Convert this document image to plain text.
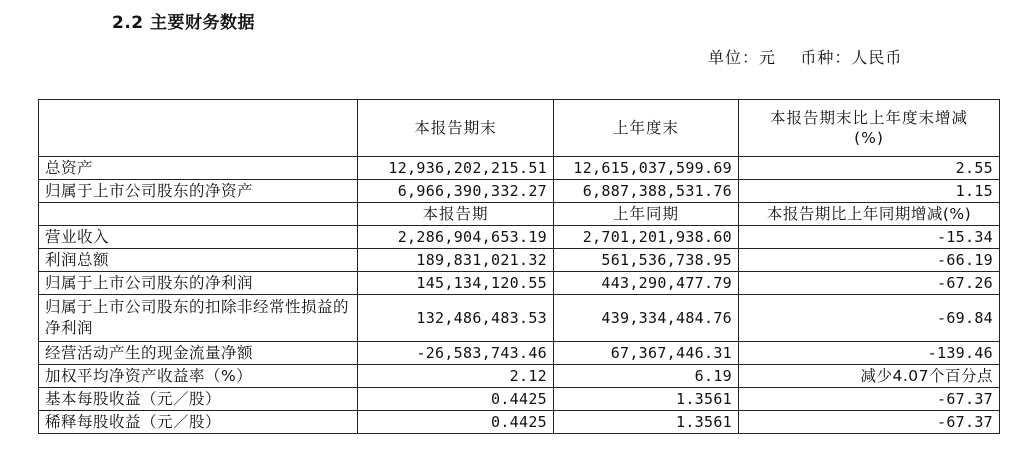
2.2 主要财务数据
单位：元 币种：人民币
	本报告期末	上年度末	本报告期末比上年度末增减
(%)

总资产	12,936,202,215.51	12,615,037,599.69	2.55
归属于上市公司股东的净资产	6,966,390,332.27	6,887,388,531.76	1.15
	本报告期	上年同期	本报告期比上年同期增减(%)
营业收入	2,286,904,653.19	2,701,201,938.60	-15.34
利润总额	189,831,021.32	561,536,738.95	-66.19
归属于上市公司股东的净利润	145,134,120.55	443,290,477.79	-67.26
归属于上市公司股东的扣除非经常性损益的净利润	132,486,483.53	439,334,484.76	-69.84
经营活动产生的现金流量净额	-26,583,743.46	67,367,446.31	-139.46
加权平均净资产收益率（%）	2.12	6.19	减少4.07个百分点
基本每股收益（元／股）	0.4425	1.3561	-67.37
稀释每股收益（元／股）	0.4425	1.3561	-67.37
